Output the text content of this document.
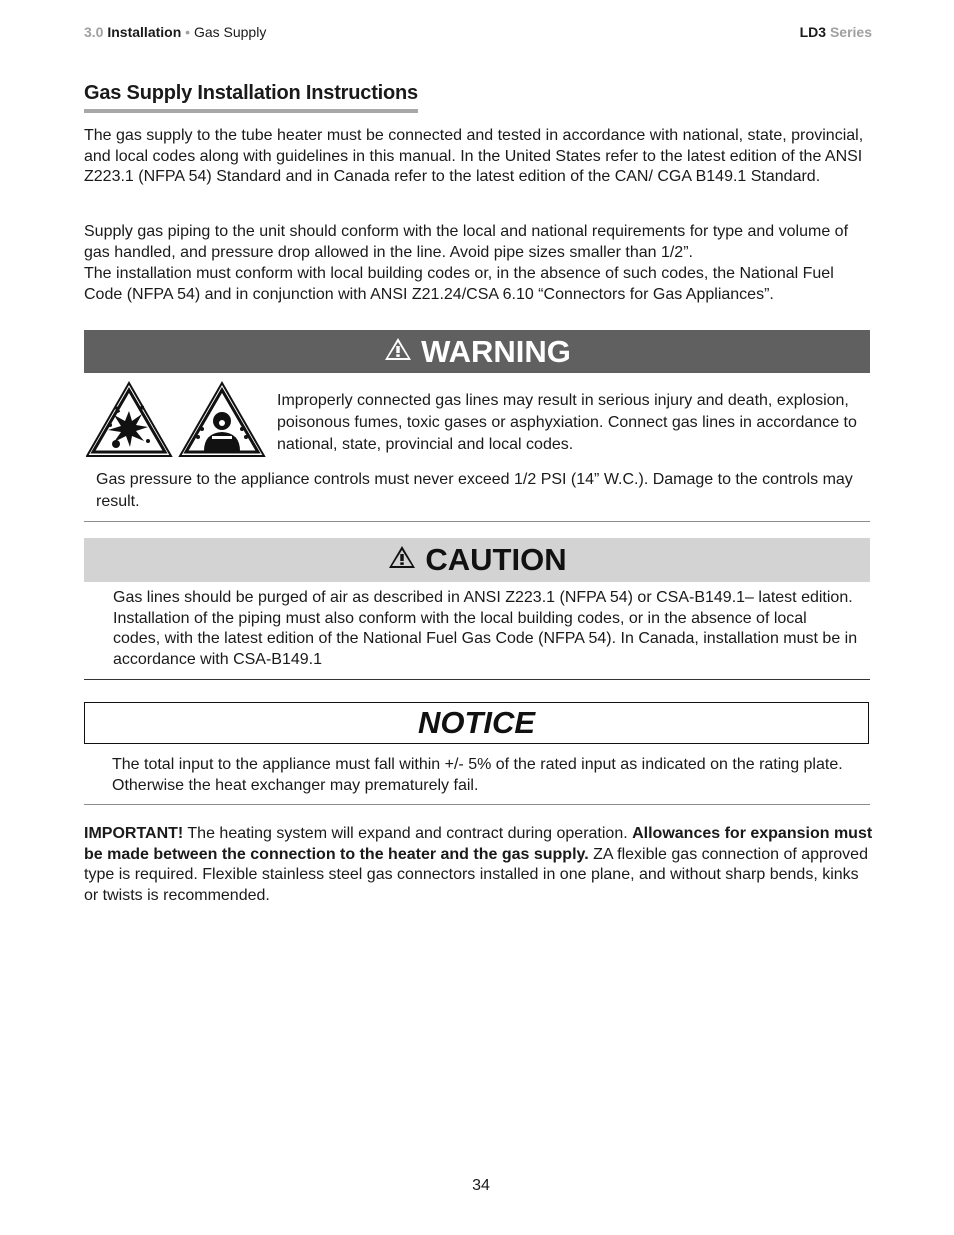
3.0 Installation • Gas Supply	LD3 Series
Gas Supply Installation Instructions

The gas supply to the tube heater must be connected and tested in accordance with national, state, provincial, and local codes along with guidelines in this manual. In the United States refer to the latest edition of the ANSI Z223.1 (NFPA 54) Standard and in Canada refer to the latest edition of the CAN/ CGA B149.1 Standard.

Supply gas piping to the unit should conform with the local and national requirements for type and volume of gas handled, and pressure drop allowed in the line. Avoid pipe sizes smaller than 1/2”.

The installation must conform with local building codes or, in the absence of such codes, the National Fuel Code (NFPA 54) and in conjunction with ANSI Z21.24/CSA 6.10 “Connectors for Gas Appliances”.

WARNING

Improperly connected gas lines may result in serious injury and death, explosion, poisonous fumes, toxic gases or asphyxiation. Connect gas lines in accordance to national, state, provincial and local codes.

Gas pressure to the appliance controls must never exceed 1/2 PSI (14” W.C.). Damage to the controls may result.

CAUTION

Gas lines should be purged of air as described in ANSI Z223.1 (NFPA 54) or CSA-B149.1– latest edition. Installation of the piping must also conform with the local building codes, or in the absence of local codes, with the latest edition of the National Fuel Gas Code (NFPA 54). In Canada, installation must be in accordance with CSA-B149.1

NOTICE

The total input to the appliance must fall within +/- 5% of the rated input as indicated on the rating plate. Otherwise the heat exchanger may prematurely fail.

IMPORTANT! The heating system will expand and contract during operation. Allowances for expansion must be made between the connection to the heater and the gas supply. ZA flexible gas connection of approved type is required. Flexible stainless steel gas connectors installed in one plane, and without sharp bends, kinks or twists is recommended.

34
